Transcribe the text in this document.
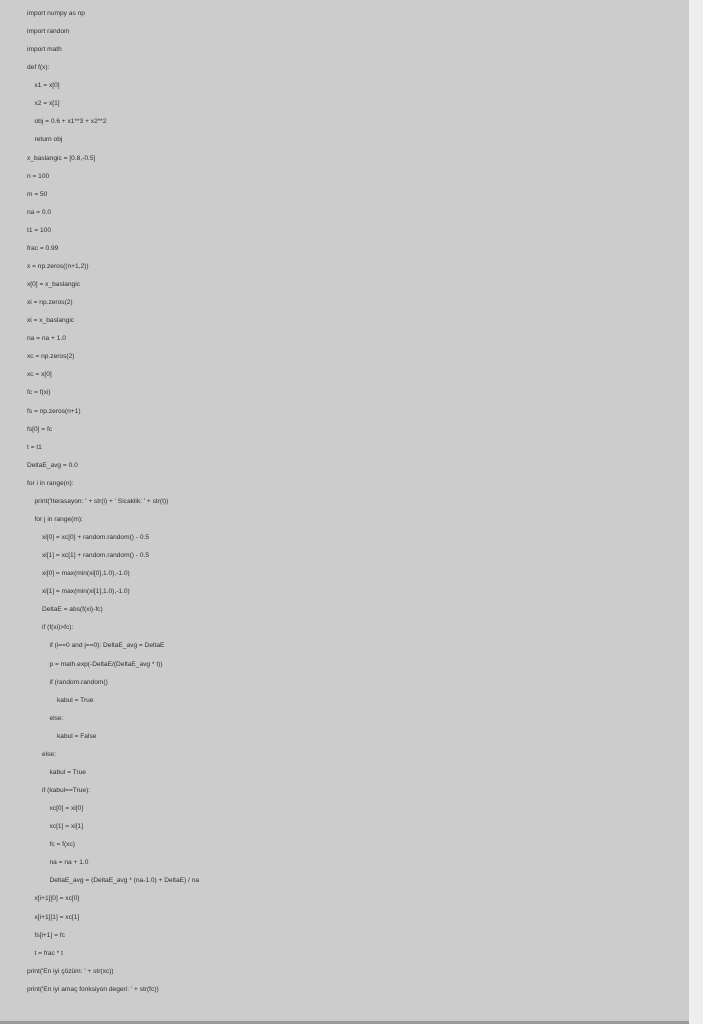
import numpy as np
import random
import math
def f(x):
x1 = x[0]
x2 = x[1]
obj = 0.6 + x1**3 + x2**2
return obj
x_baslangic = [0.8,-0.5]
n = 100
m = 50
na = 0.0
t1 = 100
frac = 0.99
x = np.zeros((n+1,2))
x[0] = x_baslangic
xi = np.zeros(2)
xi = x_baslangic
na = na + 1.0
xc = np.zeros(2)
xc = x[0]
fc = f(xi)
fs = np.zeros(n+1)
fs[0] = fc
t = t1
DeltaE_avg = 0.0
for i in range(n):
print('Iterasayon: ' + str(i) + ' Sicaklik: ' + str(t))
for j in range(m):
xi[0] = xc[0] + random.random() - 0.5
xi[1] = xc[1] + random.random() - 0.5
xi[0] = max(min(xi[0],1.0),-1.0)
xi[1] = max(min(xi[1],1.0),-1.0)
DeltaE = abs(f(xi)-fc)
if (f(xi)>fc):
if (i==0 and j==0): DeltaE_avg = DeltaE
p = math.exp(-DeltaE/(DeltaE_avg * t))
if (random.random()
kabul = True
else:
kabul = False
else:
kabul = True
if (kabul==True):
xc[0] = xi[0]
xc[1] = xi[1]
fc = f(xc)
na = na + 1.0
DeltaE_avg = (DeltaE_avg * (na-1.0) + DeltaE) / na
x[i+1][0] = xc[0]
x[i+1][1] = xc[1]
fs[i+1] = fc
t = frac * t
print('En iyi çözüm: ' + str(xc))
print('En iyi amaç fonksiyon degeri: ' + str(fc))
